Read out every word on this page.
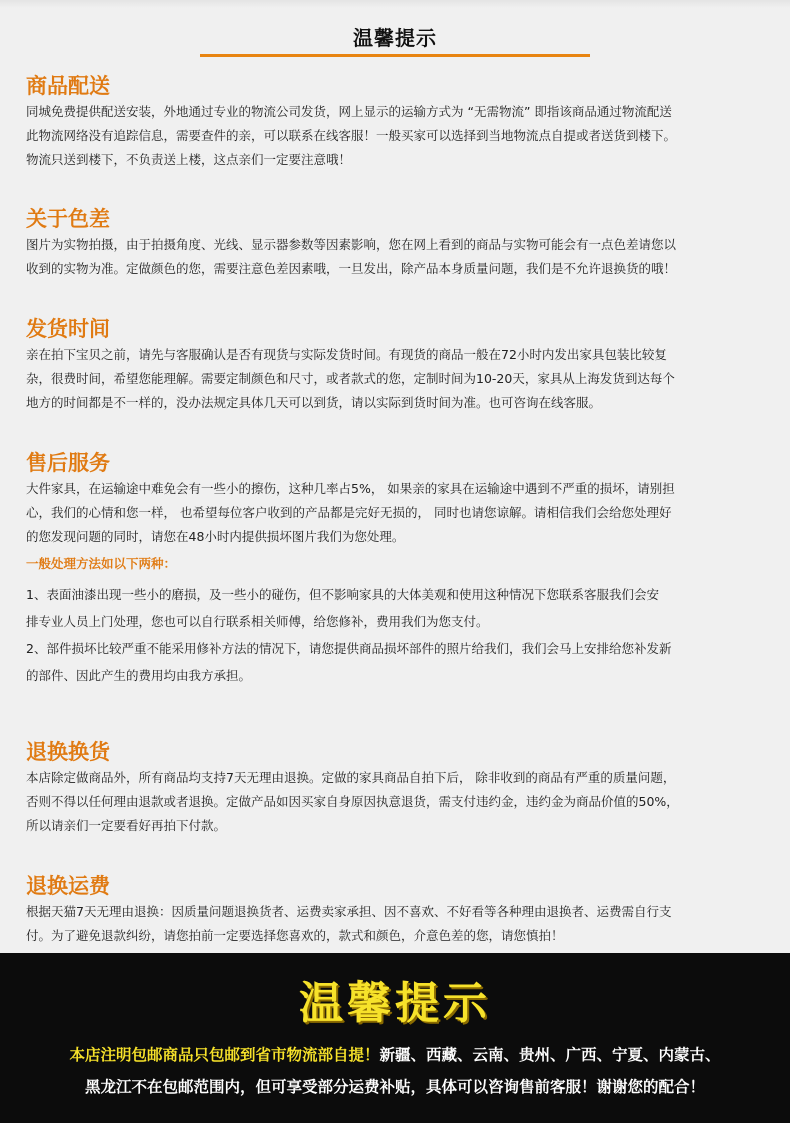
温馨提示
商品配送
同城免费提供配送安装，外地通过专业的物流公司发货，网上显示的运输方式为 “无需物流” 即指该商品通过物流配送
此物流网络没有追踪信息，需要查件的亲，可以联系在线客服！一般买家可以选择到当地物流点自提或者送货到楼下。
物流只送到楼下，不负责送上楼，这点亲们一定要注意哦！
关于色差
图片为实物拍摄，由于拍摄角度、光线、显示器参数等因素影响，您在网上看到的商品与实物可能会有一点色差请您以
收到的实物为准。定做颜色的您，需要注意色差因素哦，一旦发出，除产品本身质量问题，我们是不允许退换货的哦！
发货时间
亲在拍下宝贝之前，请先与客服确认是否有现货与实际发货时间。有现货的商品一般在72小时内发出家具包装比较复
杂，很费时间，希望您能理解。需要定制颜色和尺寸，或者款式的您，定制时间为10-20天，家具从上海发货到达每个
地方的时间都是不一样的，没办法规定具体几天可以到货，请以实际到货时间为准。也可咨询在线客服。
售后服务
大件家具，在运输途中难免会有一些小的擦伤，这种几率占5%， 如果亲的家具在运输途中遇到不严重的损坏，请别担
心，我们的心情和您一样， 也希望每位客户收到的产品都是完好无损的， 同时也请您谅解。请相信我们会给您处理好
的您发现问题的同时，请您在48小时内提供损坏图片我们为您处理。
一般处理方法如以下两种：
1、表面油漆出现一些小的磨损，及一些小的碰伤，但不影响家具的大体美观和使用这种情况下您联系客服我们会安
排专业人员上门处理，您也可以自行联系相关师傅，给您修补，费用我们为您支付。
2、部件损坏比较严重不能采用修补方法的情况下，请您提供商品损坏部件的照片给我们，我们会马上安排给您补发新
的部件、因此产生的费用均由我方承担。
退换换货
本店除定做商品外，所有商品均支持7天无理由退换。定做的家具商品自拍下后， 除非收到的商品有严重的质量问题，
否则不得以任何理由退款或者退换。定做产品如因买家自身原因执意退货，需支付违约金，违约金为商品价值的50%，
所以请亲们一定要看好再拍下付款。
退换运费
根据天猫7天无理由退换：因质量问题退换货者、运费卖家承担、因不喜欢、不好看等各种理由退换者、运费需自行支
付。为了避免退款纠纷，请您拍前一定要选择您喜欢的，款式和颜色，介意色差的您，请您慎拍！
温馨提示
本店注明包邮商品只包邮到省市物流部自提！新疆、西藏、云南、贵州、广西、宁夏、内蒙古、
黑龙江不在包邮范围内，但可享受部分运费补贴，具体可以咨询售前客服！谢谢您的配合！
